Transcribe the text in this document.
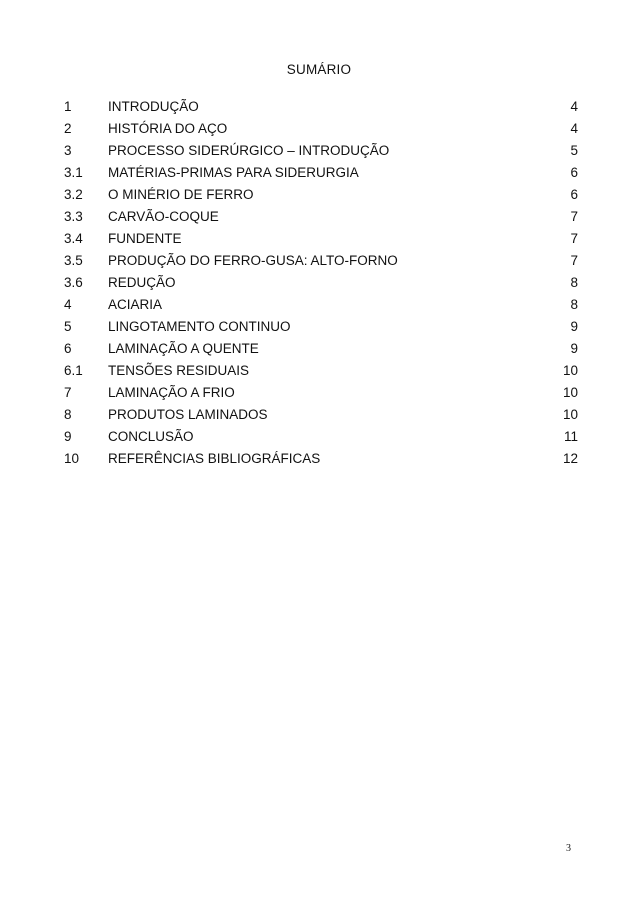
SUMÁRIO
1	INTRODUÇÃO	4
2	HISTÓRIA DO AÇO	4
3	PROCESSO SIDERÚRGICO – INTRODUÇÃO	5
3.1 MATÉRIAS-PRIMAS PARA SIDERURGIA	6
3.2 O MINÉRIO DE FERRO	6
3.3 CARVÃO-COQUE	7
3.4 FUNDENTE	7
3.5 PRODUÇÃO DO FERRO-GUSA: ALTO-FORNO	7
3.6 REDUÇÃO	8
4	ACIARIA	8
5	LINGOTAMENTO CONTINUO	9
6	LAMINAÇÃO A QUENTE	9
6.1 TENSÕES RESIDUAIS	10
7	LAMINAÇÃO A FRIO	10
8	PRODUTOS LAMINADOS	10
9	CONCLUSÃO	11
10 REFERÊNCIAS BIBLIOGRÁFICAS	12
3
